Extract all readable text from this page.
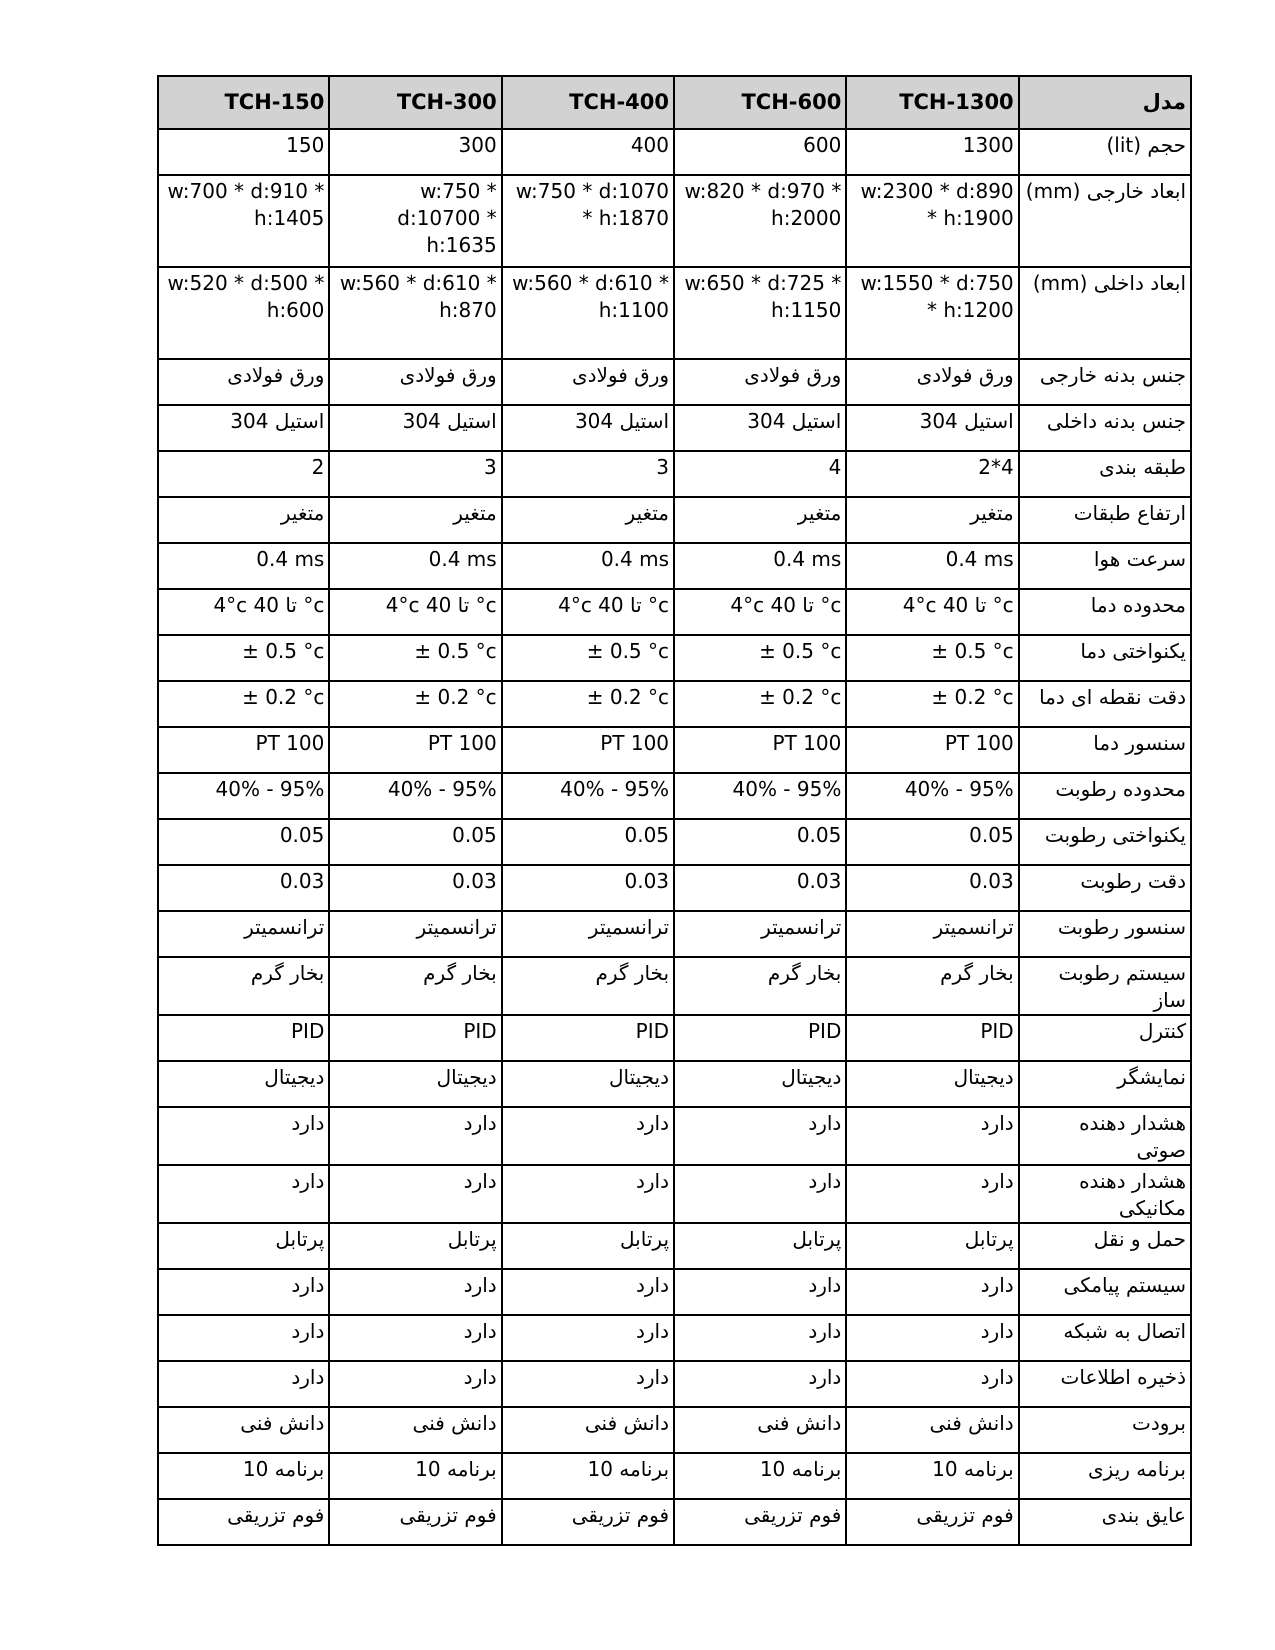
مدل	TCH-1300	TCH-600	TCH-400	TCH-300	TCH-150
حجم (lit)	1300	600	400	300	150

ابعاد خارجی (mm)	w:2300 * d:890 * h:1900	w:820 * d:970 * h:2000	w:750 * d:1070 * h:1870	w:750 * d:10700 * h:1635	w:700 * d:910 * h:1405

ابعاد داخلی (mm)	w:1550 * d:750 * h:1200	w:650 * d:725 * h:1150	w:560 * d:610 * h:1100	w:560 * d:610 * h:870	w:520 * d:500 * h:600

جنس بدنه خارجی	ورق فولادی	ورق فولادی	ورق فولادی	ورق فولادی	ورق فولادی

جنس بدنه داخلی	استیل 304	استیل 304	استیل 304	استیل 304	استیل 304

طبقه بندی	2*4	4	3	3	2

ارتفاع طبقات	متغیر	متغیر	متغیر	متغیر	متغیر

سرعت هوا	0.4 ms	0.4 ms	0.4 ms	0.4 ms	0.4 ms

محدوده دما	4°c تا 40 °c	4°c تا 40 °c	4°c تا 40 °c	4°c تا 40 °c	4°c تا 40 °c

یکنواختی دما	± 0.5 °c	± 0.5 °c	± 0.5 °c	± 0.5 °c	± 0.5 °c

دقت نقطه ای دما	± 0.2 °c	± 0.2 °c	± 0.2 °c	± 0.2 °c	± 0.2 °c

سنسور دما	PT 100	PT 100	PT 100	PT 100	PT 100

محدوده رطوبت	40% - 95%	40% - 95%	40% - 95%	40% - 95%	40% - 95%

یکنواختی رطوبت	0.05	0.05	0.05	0.05	0.05

دقت رطوبت	0.03	0.03	0.03	0.03	0.03

سنسور رطوبت	ترانسمیتر	ترانسمیتر	ترانسمیتر	ترانسمیتر	ترانسمیتر

سیستم رطوبت ساز	بخار گرم	بخار گرم	بخار گرم	بخار گرم	بخار گرم

کنترل	PID	PID	PID	PID	PID

نمایشگر	دیجیتال	دیجیتال	دیجیتال	دیجیتال	دیجیتال

هشدار دهنده صوتی	دارد	دارد	دارد	دارد	دارد

هشدار دهنده مکانیکی	دارد	دارد	دارد	دارد	دارد

حمل و نقل	پرتابل	پرتابل	پرتابل	پرتابل	پرتابل

سیستم پیامکی	دارد	دارد	دارد	دارد	دارد

اتصال به شبکه	دارد	دارد	دارد	دارد	دارد

ذخیره اطلاعات	دارد	دارد	دارد	دارد	دارد

برودت	دانش فنی	دانش فنی	دانش فنی	دانش فنی	دانش فنی

برنامه ریزی	برنامه 10	برنامه 10	برنامه 10	برنامه 10	برنامه 10

عایق بندی	فوم تزریقی	فوم تزریقی	فوم تزریقی	فوم تزریقی	فوم تزریقی
